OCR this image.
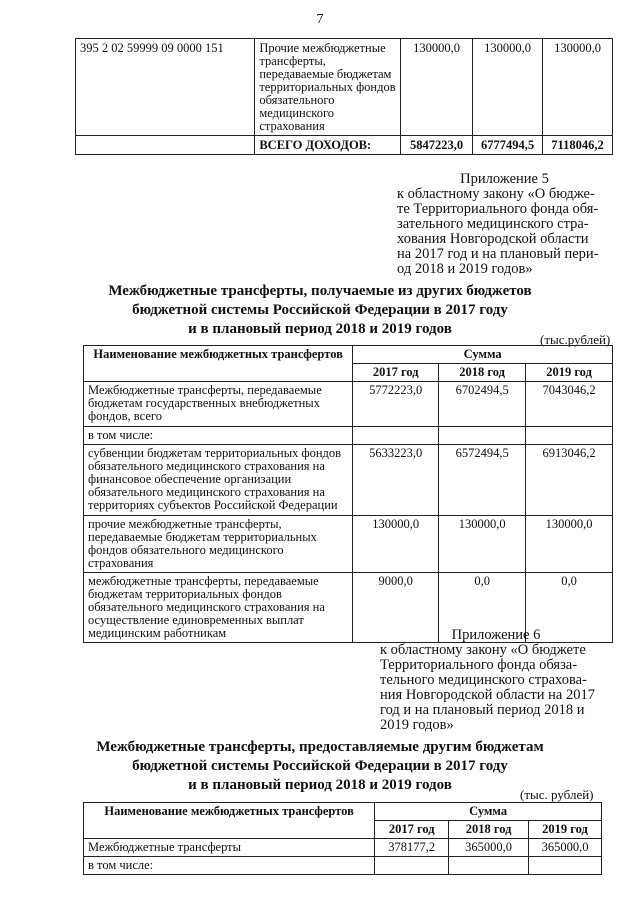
7
395 2 02 59999 09 0000 151	Прочие межбюджетные трансферты, передаваемые бюджетам территориальных фондов обязательного медицинского страхования	130000,0	130000,0	130000,0
	ВСЕГО ДОХОДОВ:	5847223,0	6777494,5	7118046,2
Приложение 5
к областному закону «О бюдже-
те Территориального фонда обя-
зательного медицинского стра-
хования Новгородской области
на 2017 год и на плановый пери-
од 2018 и 2019 годов»
Межбюджетные трансферты, получаемые из других бюджетов
бюджетной системы Российской Федерации в 2017 году
и в плановый период 2018 и 2019 годов
(тыс.рублей)
Наименование межбюджетных трансфертов	Сумма		
	2017 год	2018 год	2019 год
Межбюджетные трансферты, передаваемые бюджетам государственных внебюджетных фондов, всего	5772223,0	6702494,5	7043046,2
в том числе:			
субвенции бюджетам территориальных фондов обязательного медицинского страхования на финансовое обеспечение организации обязательного медицинского страхования на территориях субъектов Российской Федерации	5633223,0	6572494,5	6913046,2
прочие межбюджетные трансферты, передаваемые бюджетам территориальных фондов обязательного медицинского страхования	130000,0	130000,0	130000,0
межбюджетные трансферты, передаваемые бюджетам территориальных фондов обязательного медицинского страхования на осуществление единовременных выплат медицинским работникам	9000,0	0,0	0,0
Приложение 6
к областному закону «О бюджете
Территориального фонда обяза-
тельного медицинского страхова-
ния Новгородской области на 2017
год и на плановый период 2018 и
2019 годов»
Межбюджетные трансферты, предоставляемые другим бюджетам
бюджетной системы Российской Федерации в 2017 году
и в плановый период 2018 и 2019 годов
(тыс. рублей)
Наименование межбюджетных трансфертов	Сумма		
	2017 год	2018 год	2019 год
Межбюджетные трансферты	378177,2	365000,0	365000,0
в том числе:			
